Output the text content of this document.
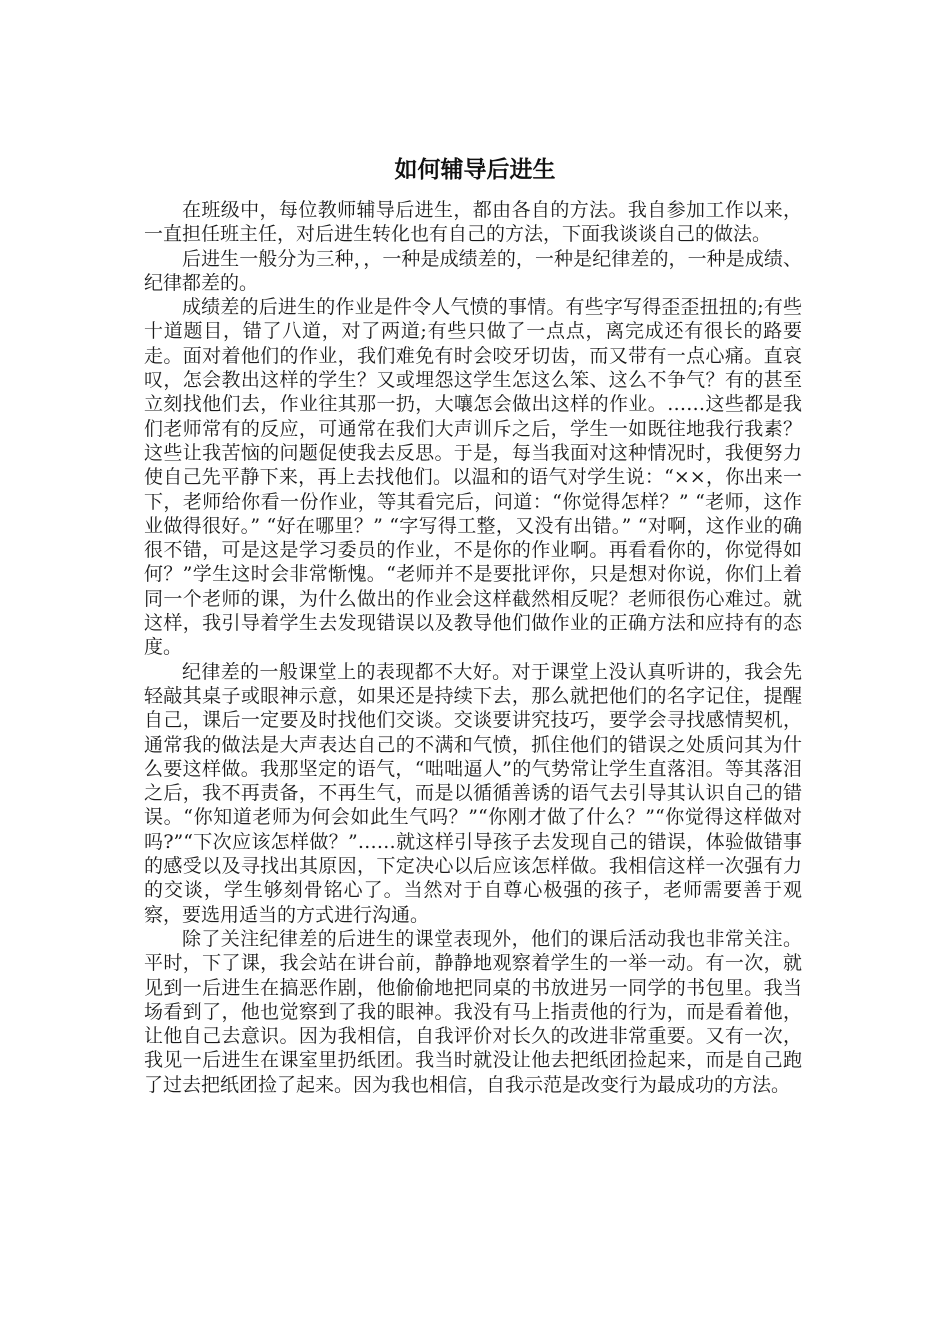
如何辅导后进生

在班级中，每位教师辅导后进生，都由各自的方法。我自参加工作以来，一直担任班主任，对后进生转化也有自己的方法，下面我谈谈自己的做法。

后进生一般分为三种，，一种是成绩差的，一种是纪律差的，一种是成绩、纪律都差的。

成绩差的后进生的作业是件令人气愤的事情。有些字写得歪歪扭扭的;有些十道题目，错了八道，对了两道;有些只做了一点点，离完成还有很长的路要走。面对着他们的作业，我们难免有时会咬牙切齿，而又带有一点心痛。直哀叹，怎会教出这样的学生？又或埋怨这学生怎这么笨、这么不争气？有的甚至立刻找他们去，作业往其那一扔，大嚷怎会做出这样的作业。……这些都是我们老师常有的反应，可通常在我们大声训斥之后，学生一如既往地我行我素？这些让我苦恼的问题促使我去反思。于是，每当我面对这种情况时，我便努力使自己先平静下来，再上去找他们。以温和的语气对学生说：“××，你出来一下，老师给你看一份作业，等其看完后，问道：“你觉得怎样？” “老师，这作业做得很好。” “好在哪里？” “字写得工整，又没有出错。” “对啊，这作业的确很不错，可是这是学习委员的作业，不是你的作业啊。再看看你的，你觉得如何？”学生这时会非常惭愧。“老师并不是要批评你，只是想对你说，你们上着同一个老师的课，为什么做出的作业会这样截然相反呢？老师很伤心难过。就这样，我引导着学生去发现错误以及教导他们做作业的正确方法和应持有的态度。

纪律差的一般课堂上的表现都不大好。对于课堂上没认真听讲的，我会先轻敲其桌子或眼神示意，如果还是持续下去，那么就把他们的名字记住，提醒自己，课后一定要及时找他们交谈。交谈要讲究技巧，要学会寻找感情契机，通常我的做法是大声表达自己的不满和气愤，抓住他们的错误之处质问其为什么要这样做。我那坚定的语气，“咄咄逼人”的气势常让学生直落泪。等其落泪之后，我不再责备，不再生气，而是以循循善诱的语气去引导其认识自己的错误。“你知道老师为何会如此生气吗？”“你刚才做了什么？”“你觉得这样做对吗?”“下次应该怎样做？”……就这样引导孩子去发现自己的错误，体验做错事的感受以及寻找出其原因，下定决心以后应该怎样做。我相信这样一次强有力的交谈，学生够刻骨铭心了。当然对于自尊心极强的孩子，老师需要善于观察，要选用适当的方式进行沟通。

除了关注纪律差的后进生的课堂表现外，他们的课后活动我也非常关注。平时，下了课，我会站在讲台前，静静地观察着学生的一举一动。有一次，就见到一后进生在搞恶作剧，他偷偷地把同桌的书放进另一同学的书包里。我当场看到了，他也觉察到了我的眼神。我没有马上指责他的行为，而是看着他，让他自己去意识。因为我相信，自我评价对长久的改进非常重要。又有一次，我见一后进生在课室里扔纸团。我当时就没让他去把纸团捡起来，而是自己跑了过去把纸团捡了起来。因为我也相信，自我示范是改变行为最成功的方法。
